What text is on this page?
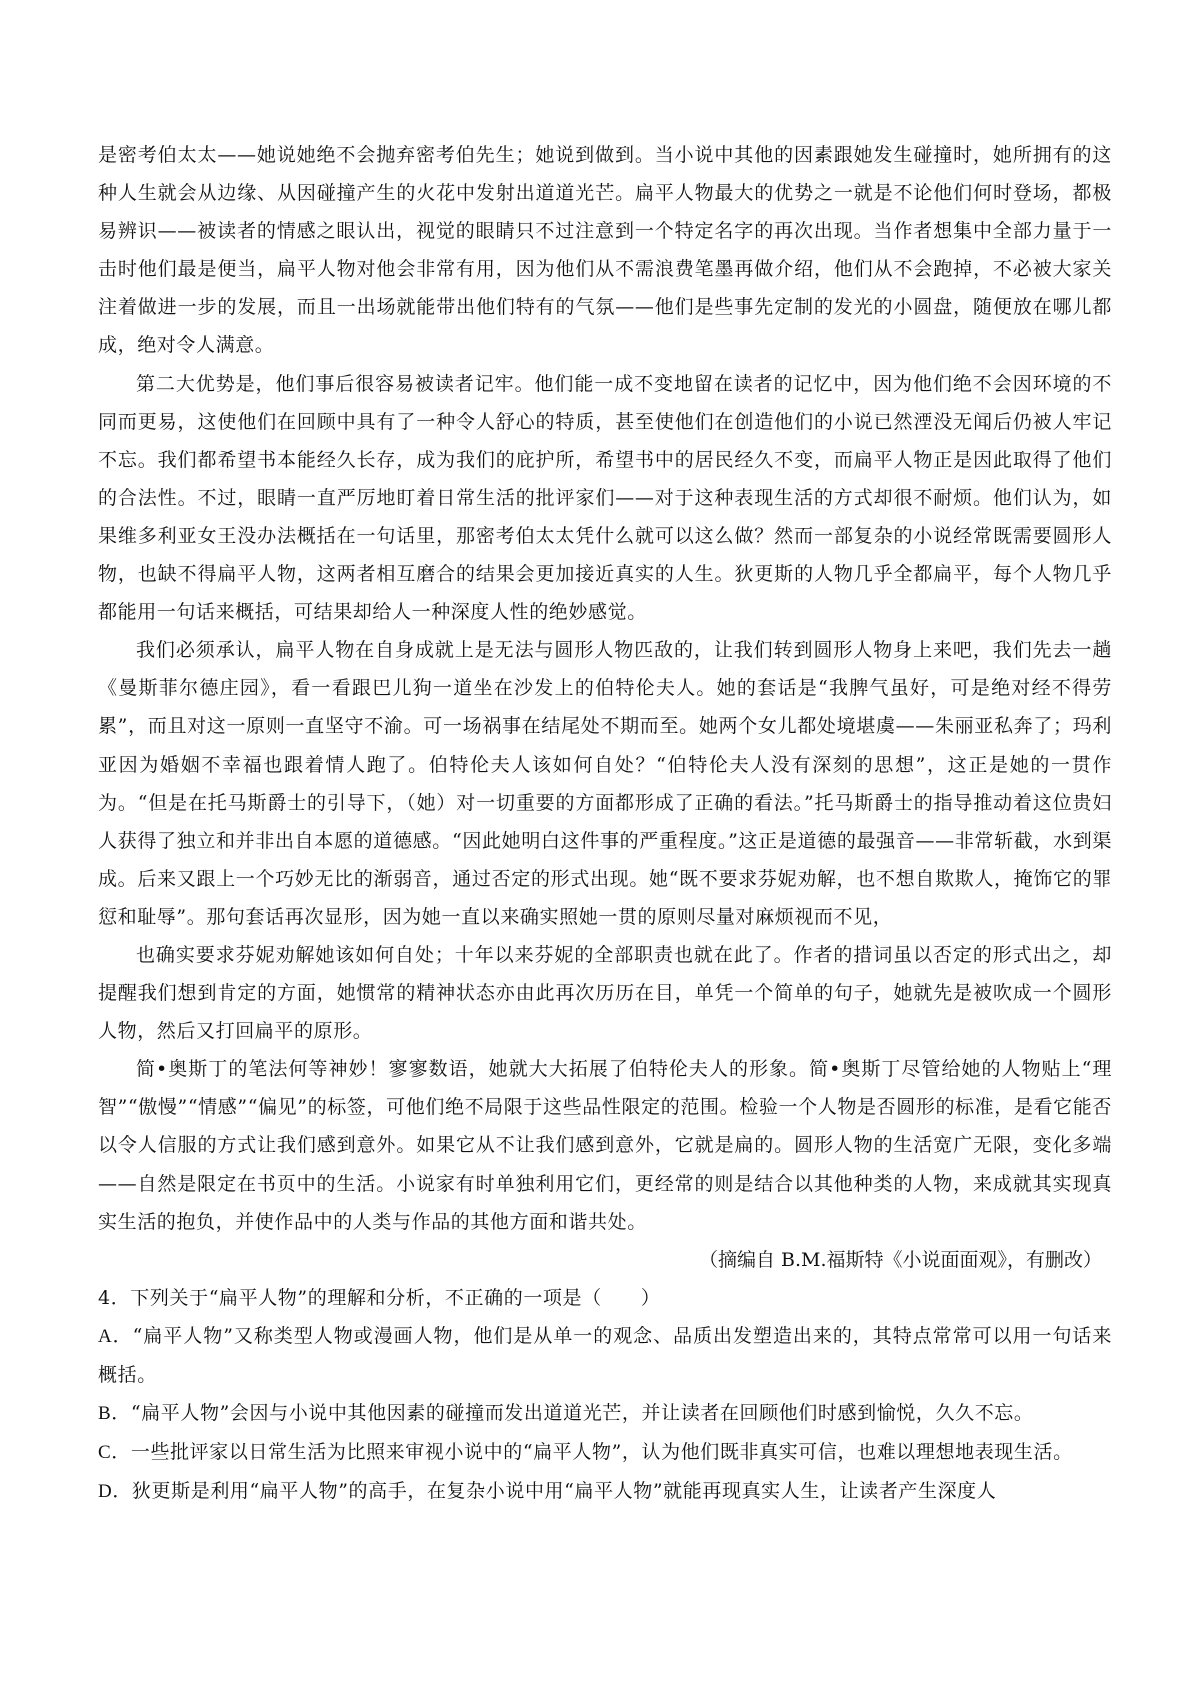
是密考伯太太——她说她绝不会抛弃密考伯先生；她说到做到。当小说中其他的因素跟她发生碰撞时，她所拥有的这种人生就会从边缘、从因碰撞产生的火花中发射出道道光芒。扁平人物最大的优势之一就是不论他们何时登场，都极易辨识——被读者的情感之眼认出，视觉的眼睛只不过注意到一个特定名字的再次出现。当作者想集中全部力量于一击时他们最是便当，扁平人物对他会非常有用，因为他们从不需浪费笔墨再做介绍，他们从不会跑掉，不必被大家关注着做进一步的发展，而且一出场就能带出他们特有的气氛——他们是些事先定制的发光的小圆盘，随便放在哪儿都成，绝对令人满意。

第二大优势是，他们事后很容易被读者记牢。他们能一成不变地留在读者的记忆中，因为他们绝不会因环境的不同而更易，这使他们在回顾中具有了一种令人舒心的特质，甚至使他们在创造他们的小说已然湮没无闻后仍被人牢记不忘。我们都希望书本能经久长存，成为我们的庇护所，希望书中的居民经久不变，而扁平人物正是因此取得了他们的合法性。不过，眼睛一直严厉地盯着日常生活的批评家们——对于这种表现生活的方式却很不耐烦。他们认为，如果维多利亚女王没办法概括在一句话里，那密考伯太太凭什么就可以这么做？然而一部复杂的小说经常既需要圆形人物，也缺不得扁平人物，这两者相互磨合的结果会更加接近真实的人生。狄更斯的人物几乎全都扁平，每个人物几乎都能用一句话来概括，可结果却给人一种深度人性的绝妙感觉。

我们必须承认，扁平人物在自身成就上是无法与圆形人物匹敌的，让我们转到圆形人物身上来吧，我们先去一趟《曼斯菲尔德庄园》，看一看跟巴儿狗一道坐在沙发上的伯特伦夫人。她的套话是“我脾气虽好，可是绝对经不得劳累”，而且对这一原则一直坚守不渝。可一场祸事在结尾处不期而至。她两个女儿都处境堪虞——朱丽亚私奔了；玛利亚因为婚姻不幸福也跟着情人跑了。伯特伦夫人该如何自处？“伯特伦夫人没有深刻的思想”，这正是她的一贯作为。“但是在托马斯爵士的引导下，（她）对一切重要的方面都形成了正确的看法。”托马斯爵士的指导推动着这位贵妇人获得了独立和并非出自本愿的道德感。“因此她明白这件事的严重程度。”这正是道德的最强音——非常斩截，水到渠成。后来又跟上一个巧妙无比的渐弱音，通过否定的形式出现。她“既不要求芬妮劝解，也不想自欺欺人，掩饰它的罪愆和耻辱”。那句套话再次显形，因为她一直以来确实照她一贯的原则尽量对麻烦视而不见，

也确实要求芬妮劝解她该如何自处；十年以来芬妮的全部职责也就在此了。作者的措词虽以否定的形式出之，却提醒我们想到肯定的方面，她惯常的精神状态亦由此再次历历在目，单凭一个简单的句子，她就先是被吹成一个圆形人物，然后又打回扁平的原形。

简•奥斯丁的笔法何等神妙！寥寥数语，她就大大拓展了伯特伦夫人的形象。简•奥斯丁尽管给她的人物贴上“理智”“傲慢”“情感”“偏见”的标签，可他们绝不局限于这些品性限定的范围。检验一个人物是否圆形的标准，是看它能否以令人信服的方式让我们感到意外。如果它从不让我们感到意外，它就是扁的。圆形人物的生活宽广无限，变化多端——自然是限定在书页中的生活。小说家有时单独利用它们，更经常的则是结合以其他种类的人物，来成就其实现真实生活的抱负，并使作品中的人类与作品的其他方面和谐共处。

（摘编自 B.M.福斯特《小说面面观》，有删改）

4．下列关于“扁平人物”的理解和分析，不正确的一项是（　　）

A．“扁平人物”又称类型人物或漫画人物，他们是从单一的观念、品质出发塑造出来的，其特点常常可以用一句话来概括。

B．“扁平人物”会因与小说中其他因素的碰撞而发出道道光芒，并让读者在回顾他们时感到愉悦，久久不忘。

C．一些批评家以日常生活为比照来审视小说中的“扁平人物”，认为他们既非真实可信，也难以理想地表现生活。

D．狄更斯是利用“扁平人物”的高手，在复杂小说中用“扁平人物”就能再现真实人生，让读者产生深度人
